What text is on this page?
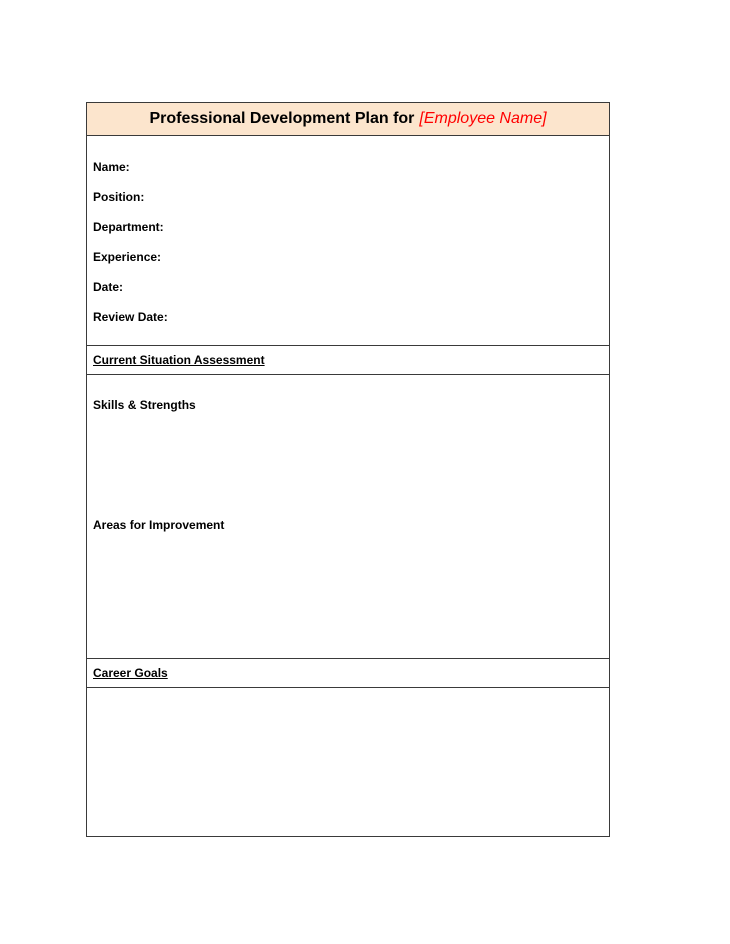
Professional Development Plan for [Employee Name]
Name:
Position:
Department:
Experience:
Date:
Review Date:
Current Situation Assessment
Skills & Strengths
Areas for Improvement
Career Goals
